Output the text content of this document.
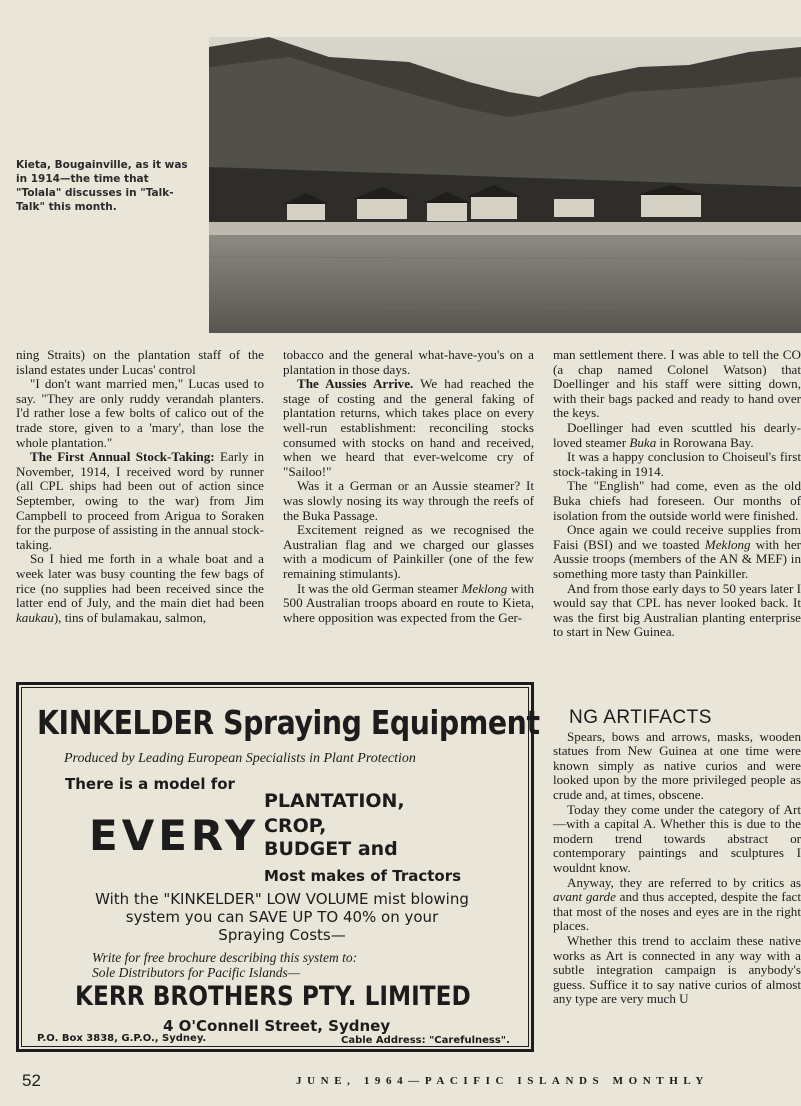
Kieta, Bougainville, as it was in 1914—the time that "Tolala" discusses in "Talk-Talk" this month.

ning Straits) on the plantation staff of the island estates under Lucas' control

"I don't want married men," Lucas used to say. "They are only ruddy verandah planters. I'd rather lose a few bolts of calico out of the trade store, given to a 'mary', than lose the whole plantation."

The First Annual Stock-Taking: Early in November, 1914, I received word by runner (all CPL ships had been out of action since September, owing to the war) from Jim Campbell to proceed from Arigua to Soraken for the purpose of assisting in the annual stock-taking.

So I hied me forth in a whale boat and a week later was busy counting the few bags of rice (no supplies had been received since the latter end of July, and the main diet had been kaukau), tins of bulamakau, salmon,

tobacco and the general what-have-you's on a plantation in those days.

The Aussies Arrive. We had reached the stage of costing and the general faking of plantation returns, which takes place on every well-run establishment: reconciling stocks consumed with stocks on hand and received, when we heard that ever-welcome cry of "Sailoo!"

Was it a German or an Aussie steamer? It was slowly nosing its way through the reefs of the Buka Passage.

Excitement reigned as we recognised the Australian flag and we charged our glasses with a modicum of Painkiller (one of the few remaining stimulants).

It was the old German steamer Meklong with 500 Australian troops aboard en route to Kieta, where opposition was expected from the Ger-

man settlement there. I was able to tell the CO (a chap named Colonel Watson) that Doellinger and his staff were sitting down, with their bags packed and ready to hand over the keys.

Doellinger had even scuttled his dearly-loved steamer Buka in Rorowana Bay.

It was a happy conclusion to Choiseul's first stock-taking in 1914.

The "English" had come, even as the old Buka chiefs had foreseen. Our months of isolation from the outside world were finished.

Once again we could receive supplies from Faisi (BSI) and we toasted Meklong with her Aussie troops (members of the AN & MEF) in something more tasty than Painkiller.

And from those early days to 50 years later I would say that CPL has never looked back. It was the first big Australian planting enterprise to start in New Guinea.

NG ARTIFACTS

Spears, bows and arrows, masks, wooden statues from New Guinea at one time were known simply as native curios and were looked upon by the more privileged people as crude and, at times, obscene.

Today they come under the category of Art—with a capital A. Whether this is due to the modern trend towards abstract or contemporary paintings and sculptures I wouldnt know.

Anyway, they are referred to by critics as avant garde and thus accepted, despite the fact that most of the noses and eyes are in the right places.

Whether this trend to acclaim these native works as Art is connected in any way with a subtle integration campaign is anybody's guess. Suffice it to say native curios of almost any type are very much U

KINKELDER Spraying Equipment
Produced by Leading European Specialists in Plant Protection
There is a model for
EVERY
PLANTATION,
CROP,
BUDGET and
Most makes of Tractors
With the "KINKELDER" LOW VOLUME mist blowing system you can SAVE UP TO 40% on your Spraying Costs—
Write for free brochure describing this system to:
Sole Distributors for Pacific Islands—
KERR BROTHERS PTY. LIMITED
4 O'Connell Street, Sydney
P.O. Box 3838, G.P.O., Sydney.	Cable Address: "Carefulness".
52	JUNE, 1964—PACIFIC ISLANDS MONTHLY
